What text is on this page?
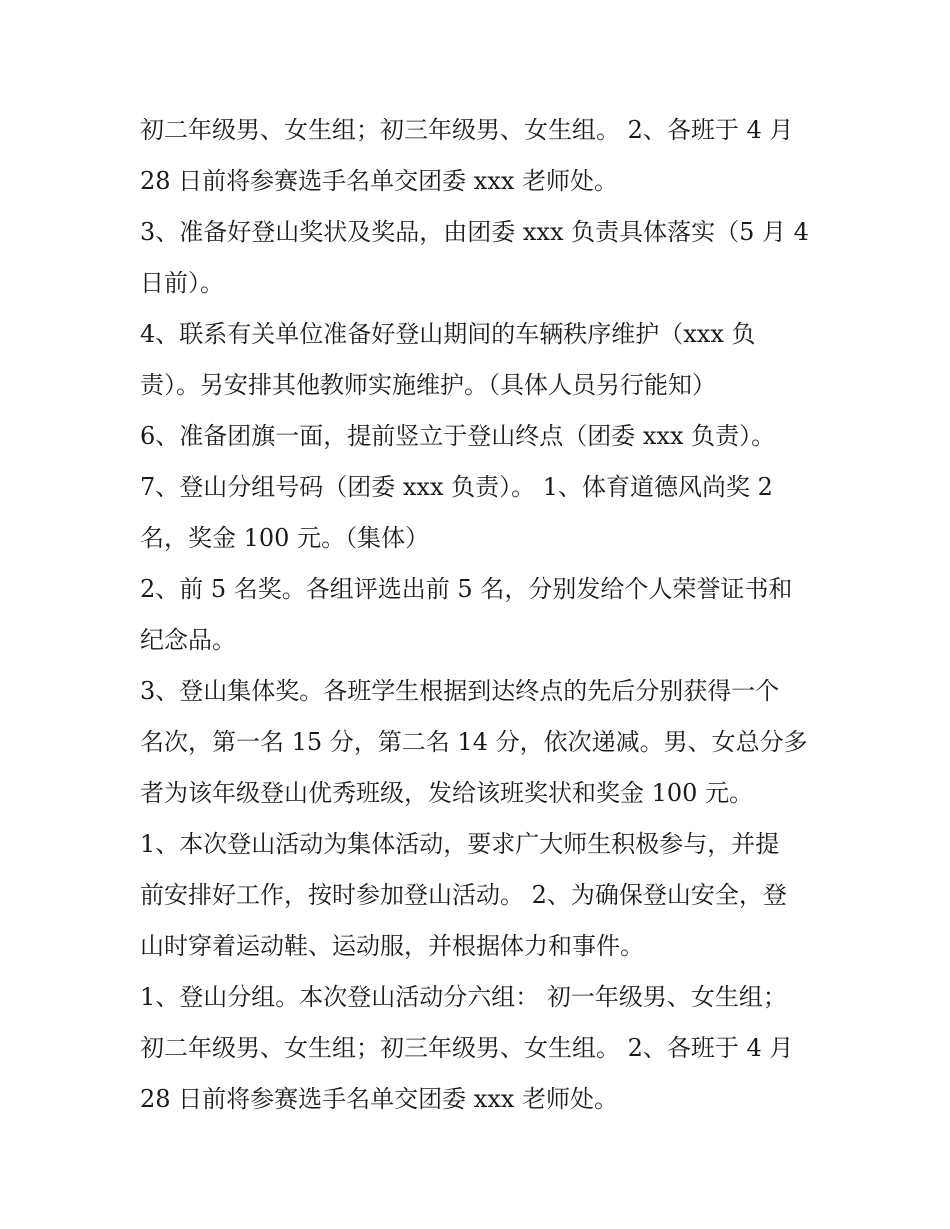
初二年级男、女生组；初三年级男、女生组。 2、各班于 4 月
28 日前将参赛选手名单交团委 xxx 老师处。
3、准备好登山奖状及奖品，由团委 xxx 负责具体落实（5 月 4
日前）。
4、联系有关单位准备好登山期间的车辆秩序维护（xxx 负
责）。另安排其他教师实施维护。（具体人员另行能知）
6、准备团旗一面，提前竖立于登山终点（团委 xxx 负责）。
7、登山分组号码（团委 xxx 负责）。 1、体育道德风尚奖 2
名，奖金 100 元。（集体）
2、前 5 名奖。各组评选出前 5 名，分别发给个人荣誉证书和
纪念品。
3、登山集体奖。各班学生根据到达终点的先后分别获得一个
名次，第一名 15 分，第二名 14 分，依次递减。男、女总分多
者为该年级登山优秀班级，发给该班奖状和奖金 100 元。
1、本次登山活动为集体活动，要求广大师生积极参与，并提
前安排好工作，按时参加登山活动。 2、为确保登山安全，登
山时穿着运动鞋、运动服，并根据体力和事件。
1、登山分组。本次登山活动分六组： 初一年级男、女生组；
初二年级男、女生组；初三年级男、女生组。 2、各班于 4 月
28 日前将参赛选手名单交团委 xxx 老师处。
